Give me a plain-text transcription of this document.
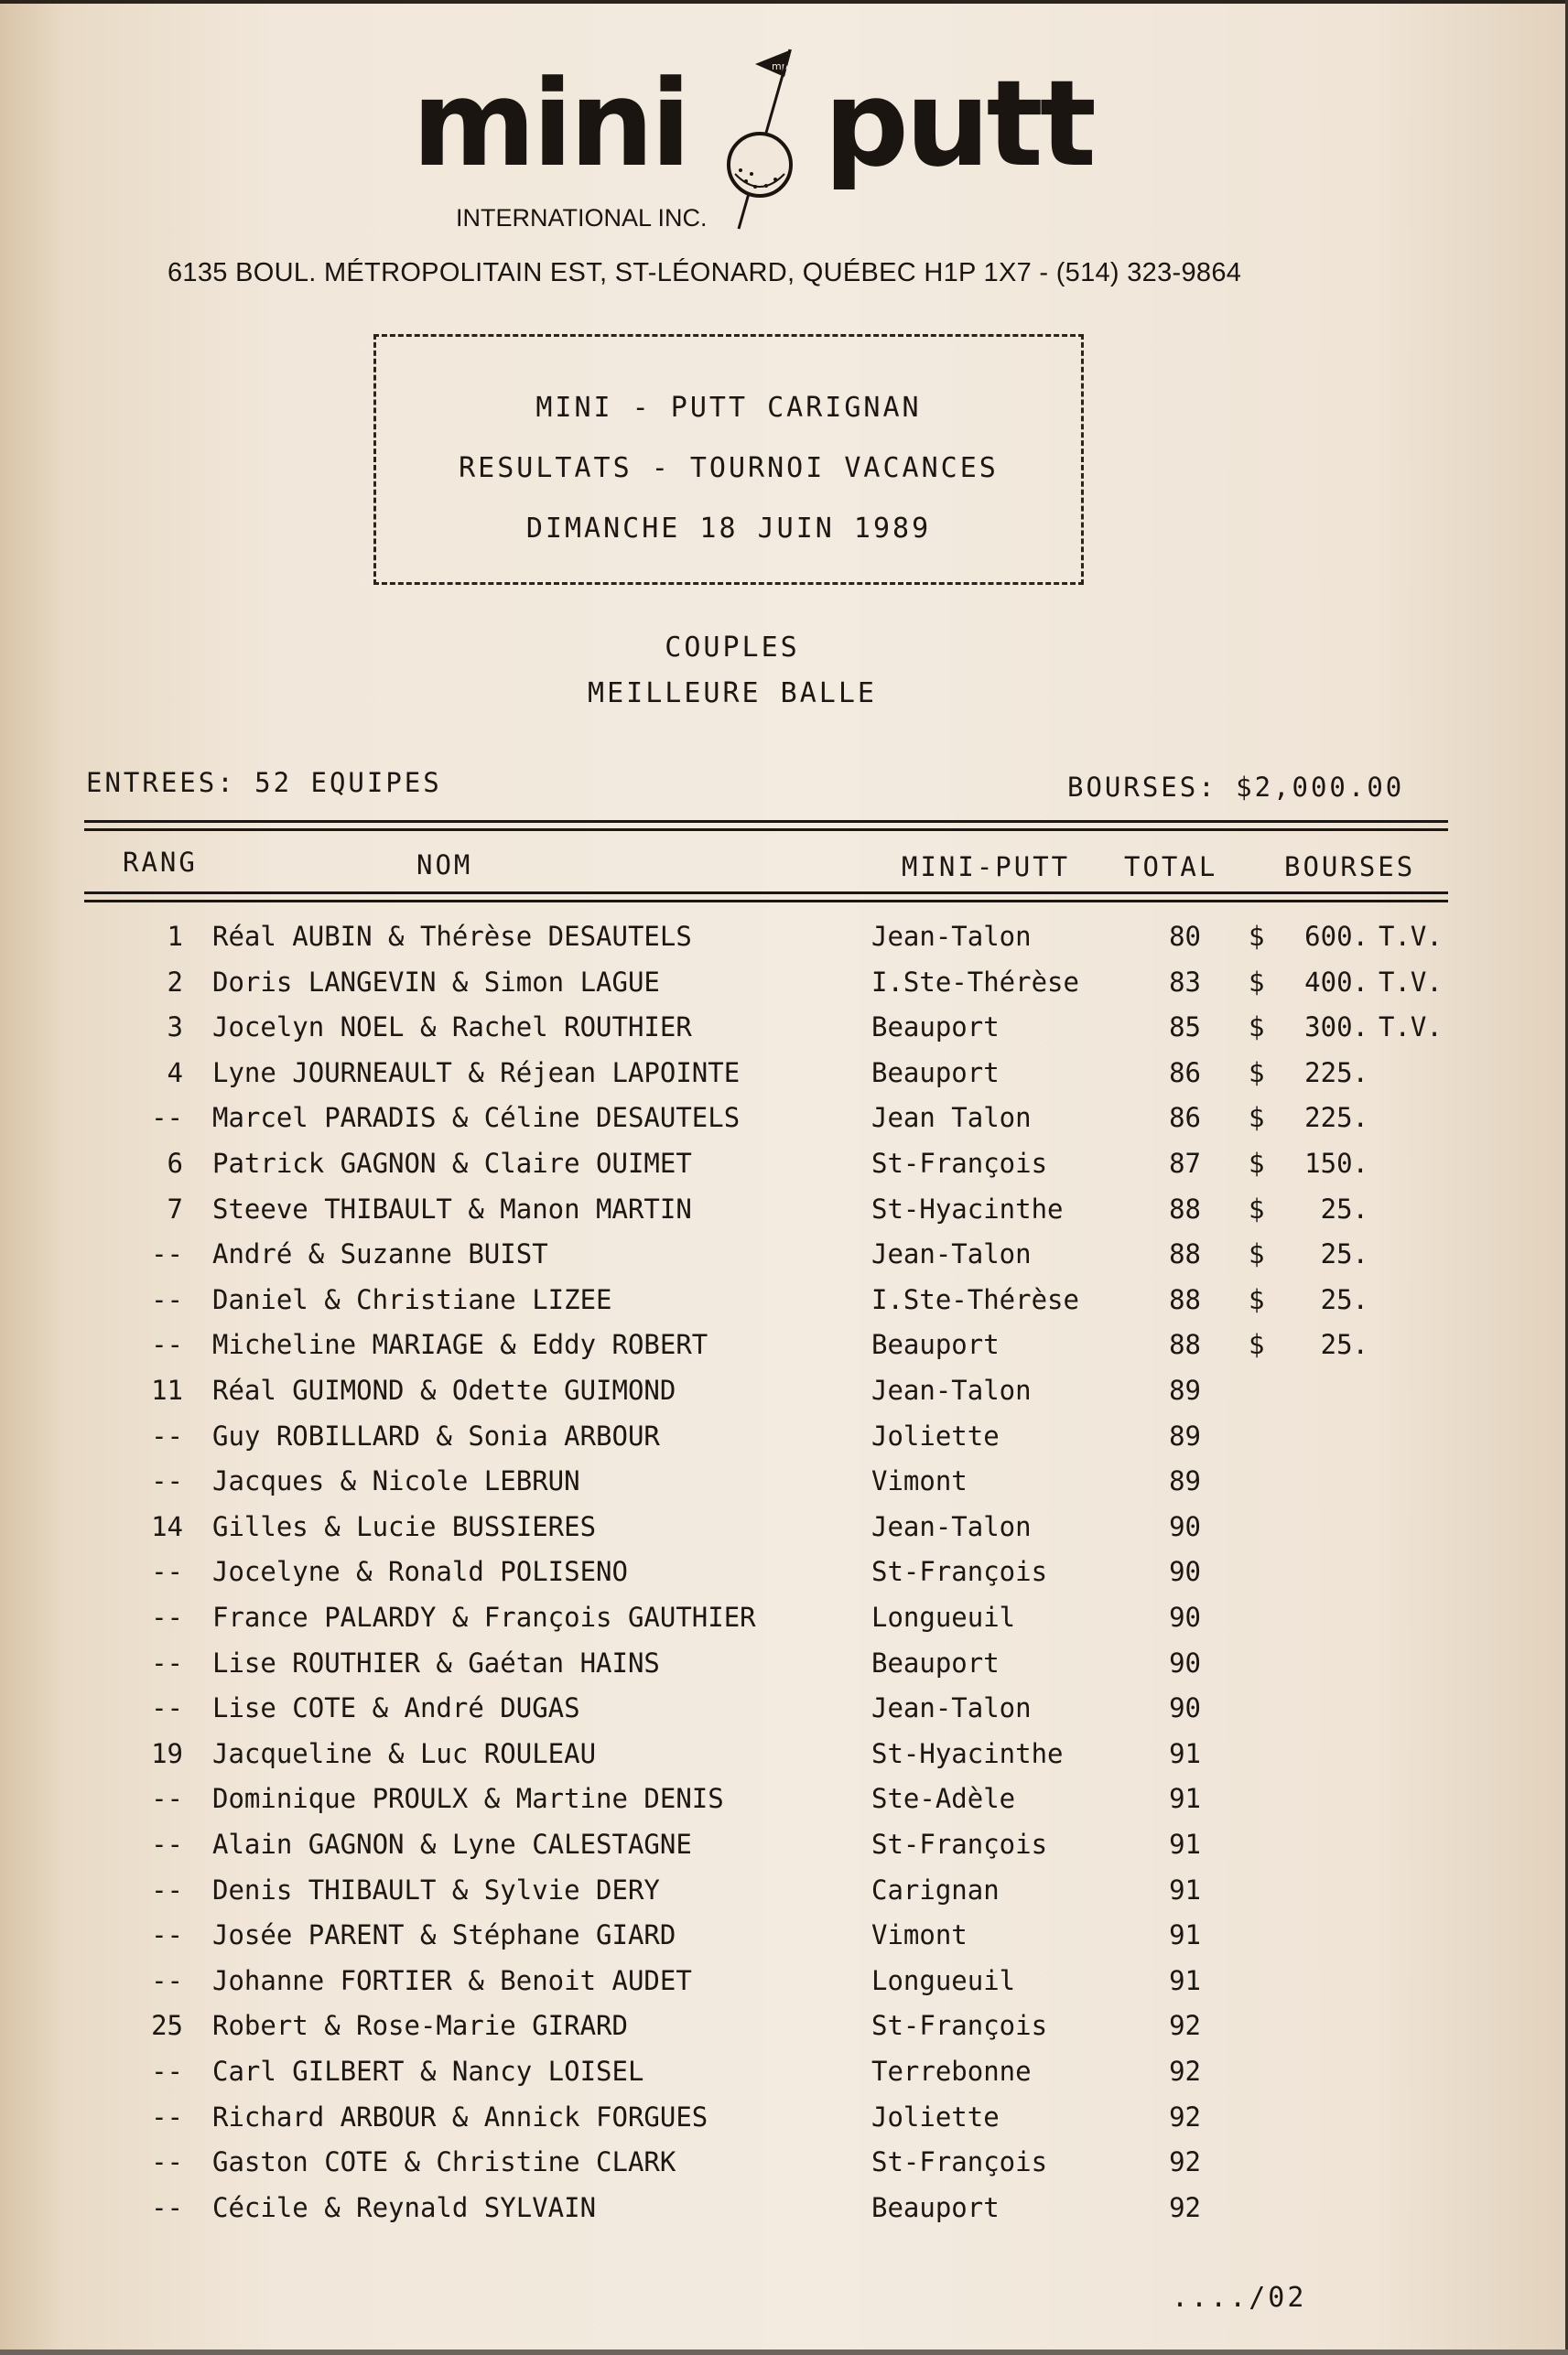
mini	mp putt
INTERNATIONAL INC.
6135 BOUL. MÉTROPOLITAIN EST, ST-LÉONARD, QUÉBEC H1P 1X7 - (514) 323-9864
MINI - PUTT CARIGNAN
RESULTATS - TOURNOI VACANCES
DIMANCHE 18 JUIN 1989
COUPLES
MEILLEURE BALLE
ENTREES: 52 EQUIPES	BOURSES: $2,000.00
RANG	NOM	MINI-PUTT TOTAL	BOURSES
1 Réal AUBIN & Thérèse DESAUTELS	Jean-Talon	80 $	600. T.V.
2 Doris LANGEVIN & Simon LAGUE	I.Ste-Thérèse	83 $	400. T.V.
3 Jocelyn NOEL & Rachel ROUTHIER	Beauport	85 $	300. T.V.
4 Lyne JOURNEAULT & Réjean LAPOINTE	Beauport	86 $	225.
-- Marcel PARADIS & Céline DESAUTELS	Jean Talon	86 $	225.
6 Patrick GAGNON & Claire OUIMET	St-François	87 $	150.
7 Steeve THIBAULT & Manon MARTIN	St-Hyacinthe	88 $	25.
-- André & Suzanne BUIST	Jean-Talon	88 $	25.
-- Daniel & Christiane LIZEE	I.Ste-Thérèse	88 $	25.
-- Micheline MARIAGE & Eddy ROBERT	Beauport	88 $	25.
11 Réal GUIMOND & Odette GUIMOND	Jean-Talon	89
-- Guy ROBILLARD & Sonia ARBOUR	Joliette	89
-- Jacques & Nicole LEBRUN	Vimont	89
14 Gilles & Lucie BUSSIERES	Jean-Talon	90
-- Jocelyne & Ronald POLISENO	St-François	90
-- France PALARDY & François GAUTHIER	Longueuil	90
-- Lise ROUTHIER & Gaétan HAINS	Beauport	90
-- Lise COTE & André DUGAS	Jean-Talon	90
19 Jacqueline & Luc ROULEAU	St-Hyacinthe	91
-- Dominique PROULX & Martine DENIS	Ste-Adèle	91
-- Alain GAGNON & Lyne CALESTAGNE	St-François	91
-- Denis THIBAULT & Sylvie DERY	Carignan	91
-- Josée PARENT & Stéphane GIARD	Vimont	91
-- Johanne FORTIER & Benoit AUDET	Longueuil	91
25 Robert & Rose-Marie GIRARD	St-François	92
-- Carl GILBERT & Nancy LOISEL	Terrebonne	92
-- Richard ARBOUR & Annick FORGUES	Joliette	92
-- Gaston COTE & Christine CLARK	St-François	92
-- Cécile & Reynald SYLVAIN	Beauport	92
..../02
